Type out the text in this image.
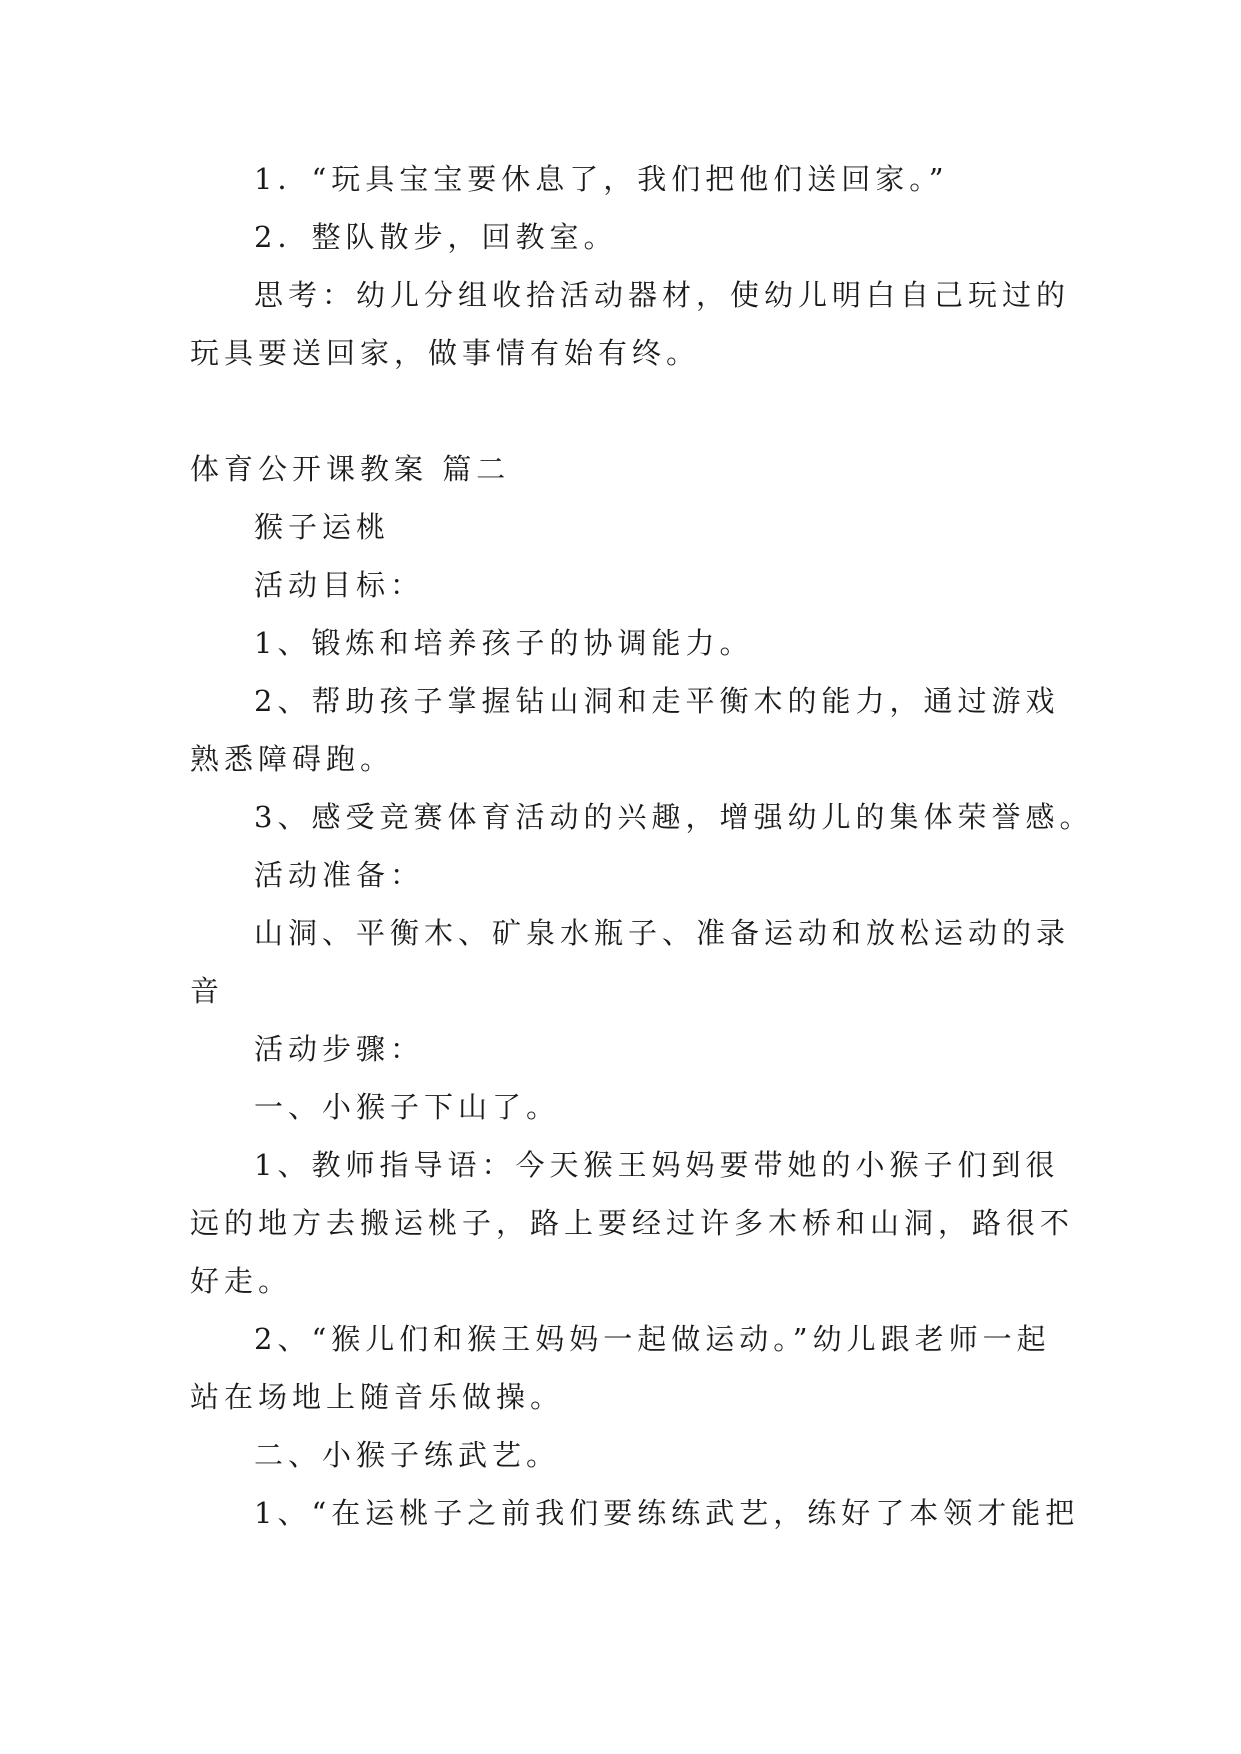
1．“玩具宝宝要休息了，我们把他们送回家。”

2．整队散步，回教室。

思考：幼儿分组收拾活动器材，使幼儿明白自己玩过的

玩具要送回家，做事情有始有终。

体育公开课教案 篇二

猴子运桃

活动目标：

1、锻炼和培养孩子的协调能力。

2、帮助孩子掌握钻山洞和走平衡木的能力，通过游戏

熟悉障碍跑。

3、感受竞赛体育活动的兴趣，增强幼儿的集体荣誉感。

活动准备：

山洞、平衡木、矿泉水瓶子、准备运动和放松运动的录

音

活动步骤：

一、小猴子下山了。

1、教师指导语：今天猴王妈妈要带她的小猴子们到很

远的地方去搬运桃子，路上要经过许多木桥和山洞，路很不

好走。

2、“猴儿们和猴王妈妈一起做运动。”幼儿跟老师一起

站在场地上随音乐做操。

二、小猴子练武艺。

1、“在运桃子之前我们要练练武艺，练好了本领才能把
